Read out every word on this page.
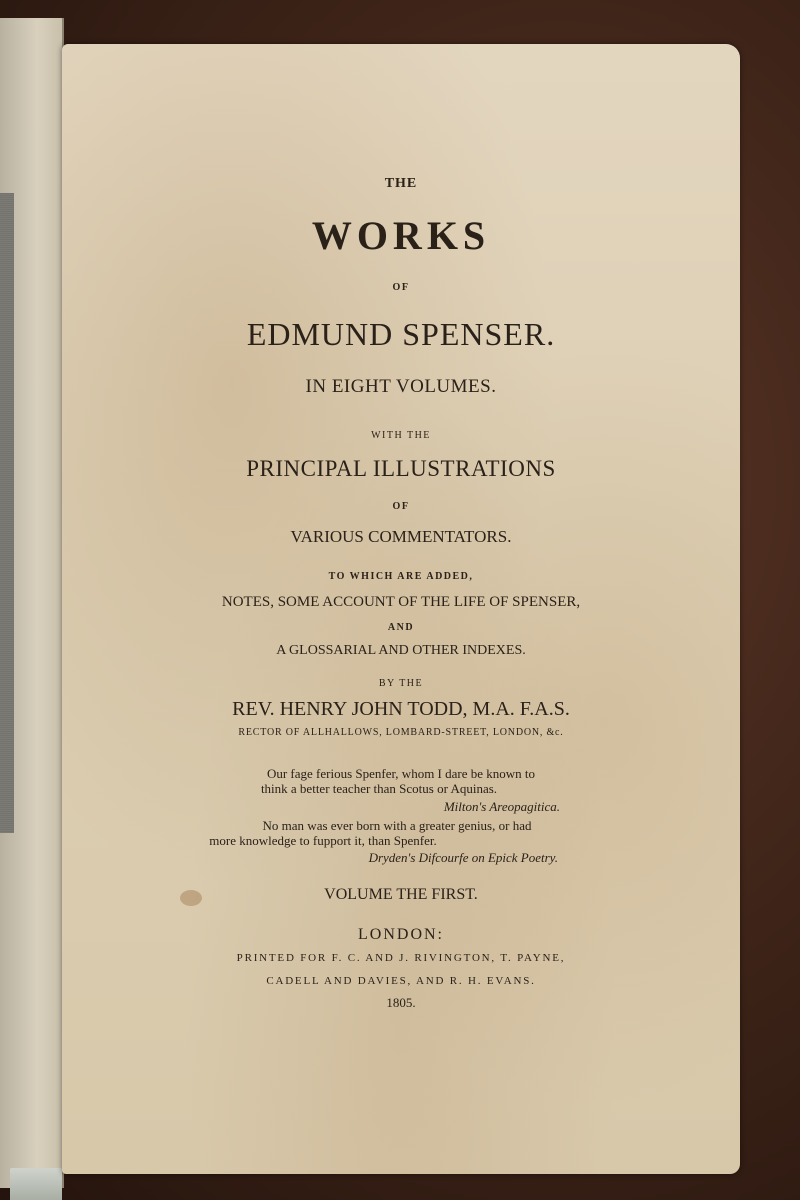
THE
WORKS
OF
EDMUND SPENSER.
IN EIGHT VOLUMES.
WITH THE
PRINCIPAL ILLUSTRATIONS
OF
VARIOUS COMMENTATORS.
TO WHICH ARE ADDED,
NOTES, SOME ACCOUNT OF THE LIFE OF SPENSER,
AND
A GLOSSARIAL AND OTHER INDEXES.
BY THE
REV. HENRY JOHN TODD, M.A. F.A.S.
RECTOR OF ALLHALLOWS, LOMBARD-STREET, LONDON, &c.
Our fage ferious Spenfer, whom I dare be known to
think a better teacher than Scotus or Aquinas.
Milton's Areopagitica.
No man was ever born with a greater genius, or had
more knowledge to fupport it, than Spenfer.
Dryden's Difcourfe on Epick Poetry.
VOLUME THE FIRST.
LONDON:
PRINTED FOR F. C. AND J. RIVINGTON, T. PAYNE,
CADELL AND DAVIES, AND R. H. EVANS.
1805.
